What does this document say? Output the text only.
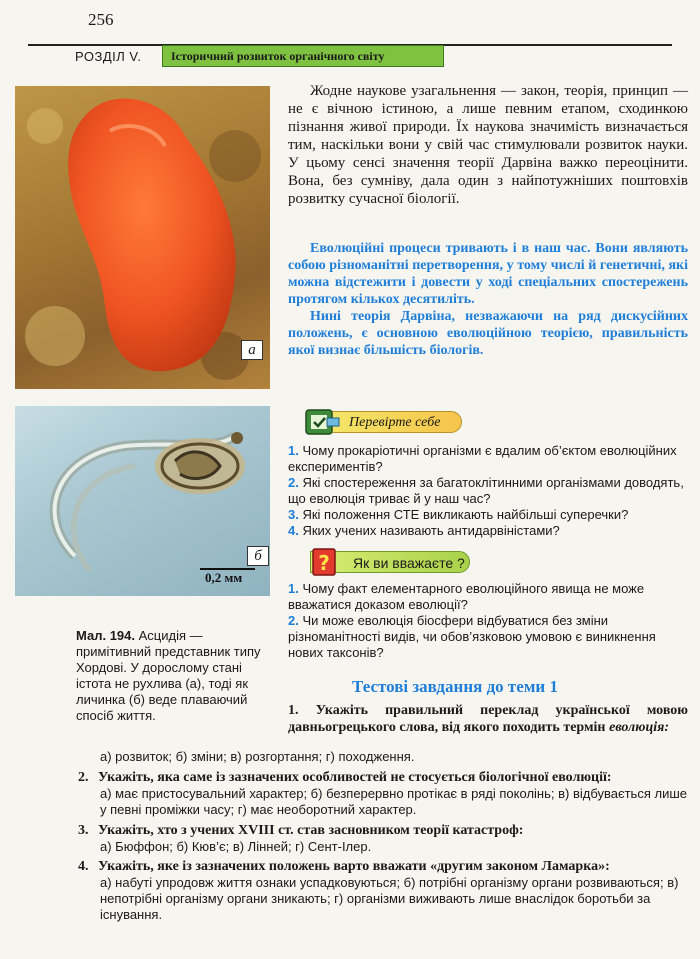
256
РОЗДІЛ V.	Історичний розвиток органічного світу
а
б
0,2 мм
Мал. 194. Асцидія — примітивний представник типу Хордові. У дорослому стані істота не рухлива (а), тоді як личинка (б) веде плаваючий спосіб життя.

Жодне наукове узагальнення — закон, теорія, принцип — не є вічною істиною, а лише певним етапом, сходинкою пізнання живої природи. Їх наукова значимість визначається тим, наскільки вони у свій час стимулювали розвиток науки. У цьому сенсі значення теорії Дарвіна важко переоцінити. Вона, без сумніву, дала один з найпотужніших поштовхів розвитку сучасної біології.

Еволюційні процеси тривають і в наш час. Вони являють собою різноманітні перетворення, у тому числі й генетичні, які можна відстежити і довести у ході спеціальних спостережень протягом кількох десятиліть.

Нині теорія Дарвіна, незважаючи на ряд дискусійних положень, є основною еволюційною теорією, правильність якої визнає більшість біологів.

Перевірте себе
1. Чому прокаріотичні організми є вдалим об’єктом еволюційних експериментів?
2. Які спостереження за багатоклітинними організмами доводять, що еволюція триває й у наш час?
3. Які положення СТЕ викликають найбільші суперечки?
4. Яких учених називають антидарвіністами?
? Як ви вважаєте ?
1. Чому факт елементарного еволюційного явища не може вважатися доказом еволюції?
2. Чи може еволюція біосфери відбуватися без зміни різноманітності видів, чи обов’язковою умовою є виникнення нових таксонів?
Тестові завдання до теми 1
1. Укажіть правильний переклад української мовою давньогрецького слова, від якого походить термін еволюція:
а) розвиток; б) зміни; в) розгортання; г) походження.
2. Укажіть, яка саме із зазначених особливостей не стосується біологічної еволюції:
а) має пристосувальний характер; б) безперервно протікає в ряді поколінь; в) відбувається лише у певні проміжки часу; г) має необоротний характер.
3. Укажіть, хто з учених XVIII ст. став засновником теорії катастроф:
а) Бюффон; б) Кюв’є; в) Лінней; г) Сент-Ілер.
4. Укажіть, яке із зазначених положень варто вважати «другим законом Ламарка»:
а) набуті упродовж життя ознаки успадковуються; б) потрібні організму органи розвиваються; в) непотрібні організму органи зникають; г) організми виживають лише внаслідок боротьби за існування.
